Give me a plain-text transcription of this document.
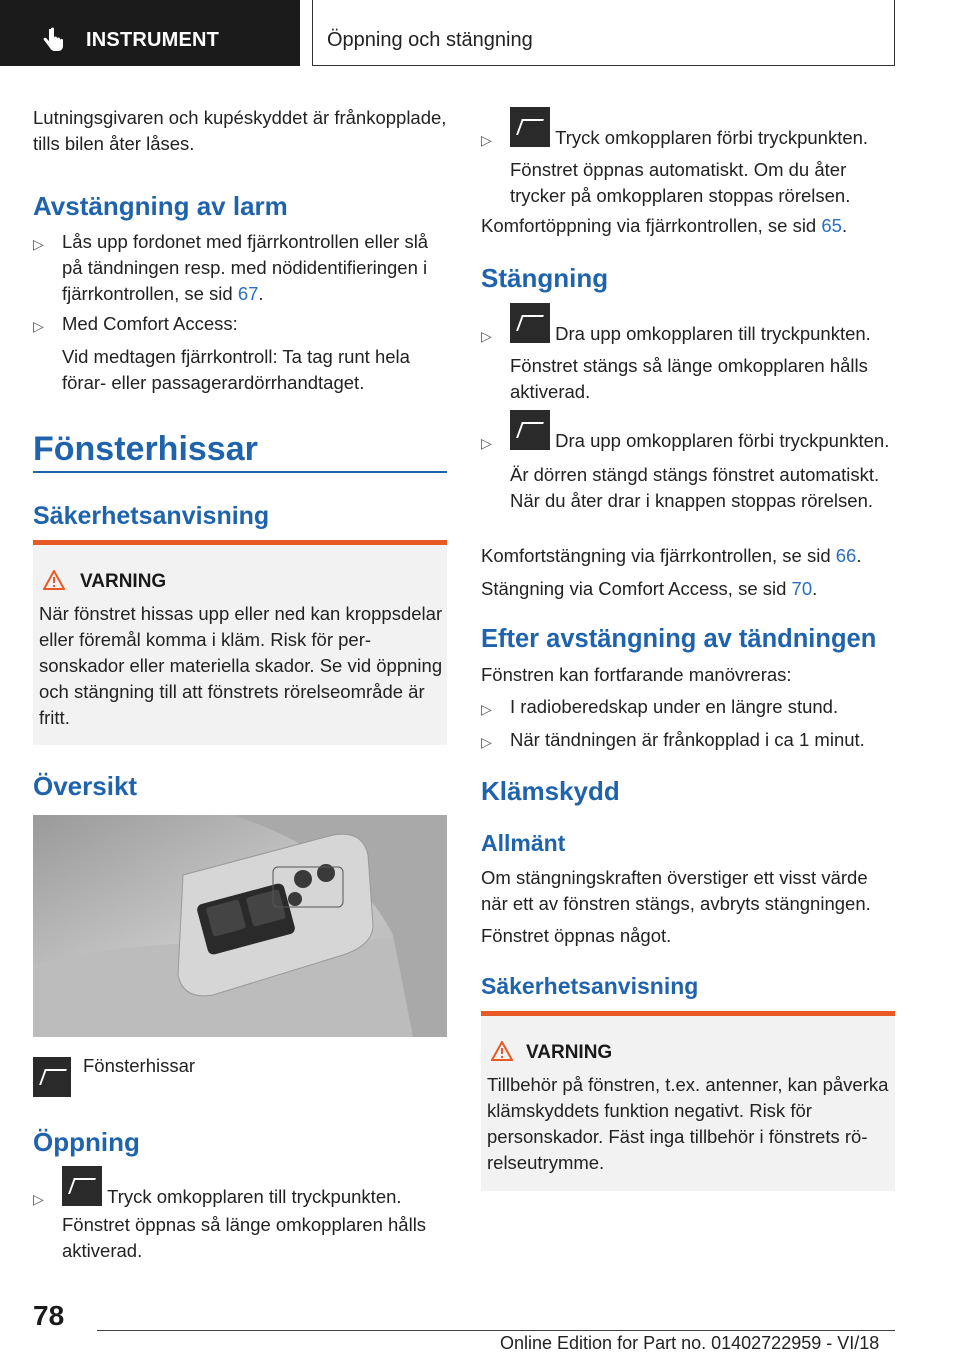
INSTRUMENT	Öppning och stängning

Lutningsgivaren och kupéskyddet är frånkopplade, tills bilen åter låses.

Avstängning av larm
▷ Lås upp fordonet med fjärrkontrollen eller slå på tändningen resp. med nödidentifieringen i fjärrkontrollen, se sid 67.
▷ Med Comfort Access:
Vid medtagen fjärrkontroll: Ta tag runt hela förar- eller passagerardörrhandtaget.
Fönsterhissar
Säkerhetsanvisning
VARNING
När fönstret hissas upp eller ned kan kroppsdelar eller föremål komma i kläm. Risk för personskador eller materiella skador. Se vid öppning och stängning till att fönstrets rörelseområde är fritt.
Översikt
Fönsterhissar
Öppning
▷	Tryck omkopplaren till tryckpunkten.
Fönstret öppnas så länge omkopplaren hålls aktiverad.
▷	Tryck omkopplaren förbi tryckpunkten.
Fönstret öppnas automatiskt. Om du åter trycker på omkopplaren stoppas rörelsen.

Komfortöppning via fjärrkontrollen, se sid 65.

Stängning
▷	Dra upp omkopplaren till tryckpunkten.
Fönstret stängs så länge omkopplaren hålls aktiverad.
▷	Dra upp omkopplaren förbi tryckpunkten.
Är dörren stängd stängs fönstret automatiskt. När du åter drar i knappen stoppas rörelsen.

Komfortstängning via fjärrkontrollen, se sid 66.

Stängning via Comfort Access, se sid 70.

Efter avstängning av tändningen

Fönstren kan fortfarande manövreras:

▷ I radioberedskap under en längre stund.
▷ När tändningen är frånkopplad i ca 1 minut.
Klämskydd
Allmänt

Om stängningskraften överstiger ett visst värde när ett av fönstren stängs, avbryts stängningen.

Fönstret öppnas något.

Säkerhetsanvisning
VARNING
Tillbehör på fönstren, t.ex. antenner, kan påverka klämskyddets funktion negativt. Risk för personskador. Fäst inga tillbehör i fönstrets rörelseutrymme.
78
Online Edition for Part no. 01402722959 - VI/18
